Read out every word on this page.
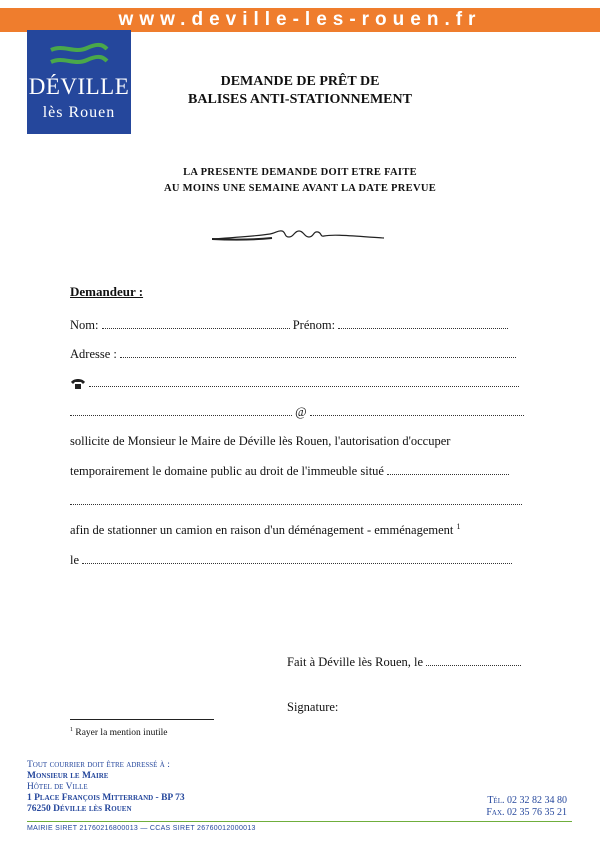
www.deville-les-rouen.fr
DÉVILLE
lès Rouen
DEMANDE DE PRÊT DE
BALISES ANTI-STATIONNEMENT
LA PRESENTE DEMANDE DOIT ETRE FAITE
AU MOINS UNE SEMAINE AVANT LA DATE PREVUE
Demandeur :
Nom:	Prénom:
Adresse :

@
sollicite de Monsieur le Maire de Déville lès Rouen, l'autorisation d'occuper
temporairement le domaine public au droit de l'immeuble situé
afin de stationner un camion en raison d'un déménagement - emménagement $^1$
le
Fait à Déville lès Rouen, le
Signature:
$^1$ Rayer la mention inutile
Tout courrier doit être adressé à :
Monsieur le Maire
Hôtel de Ville
1 Place François Mitterrand - BP 73
76250 Déville lès Rouen
Tél. 02 32 82 34 80
Fax. 02 35 76 35 21
MAIRIE SIRET 21760216800013 — CCAS SIRET 26760012000013
